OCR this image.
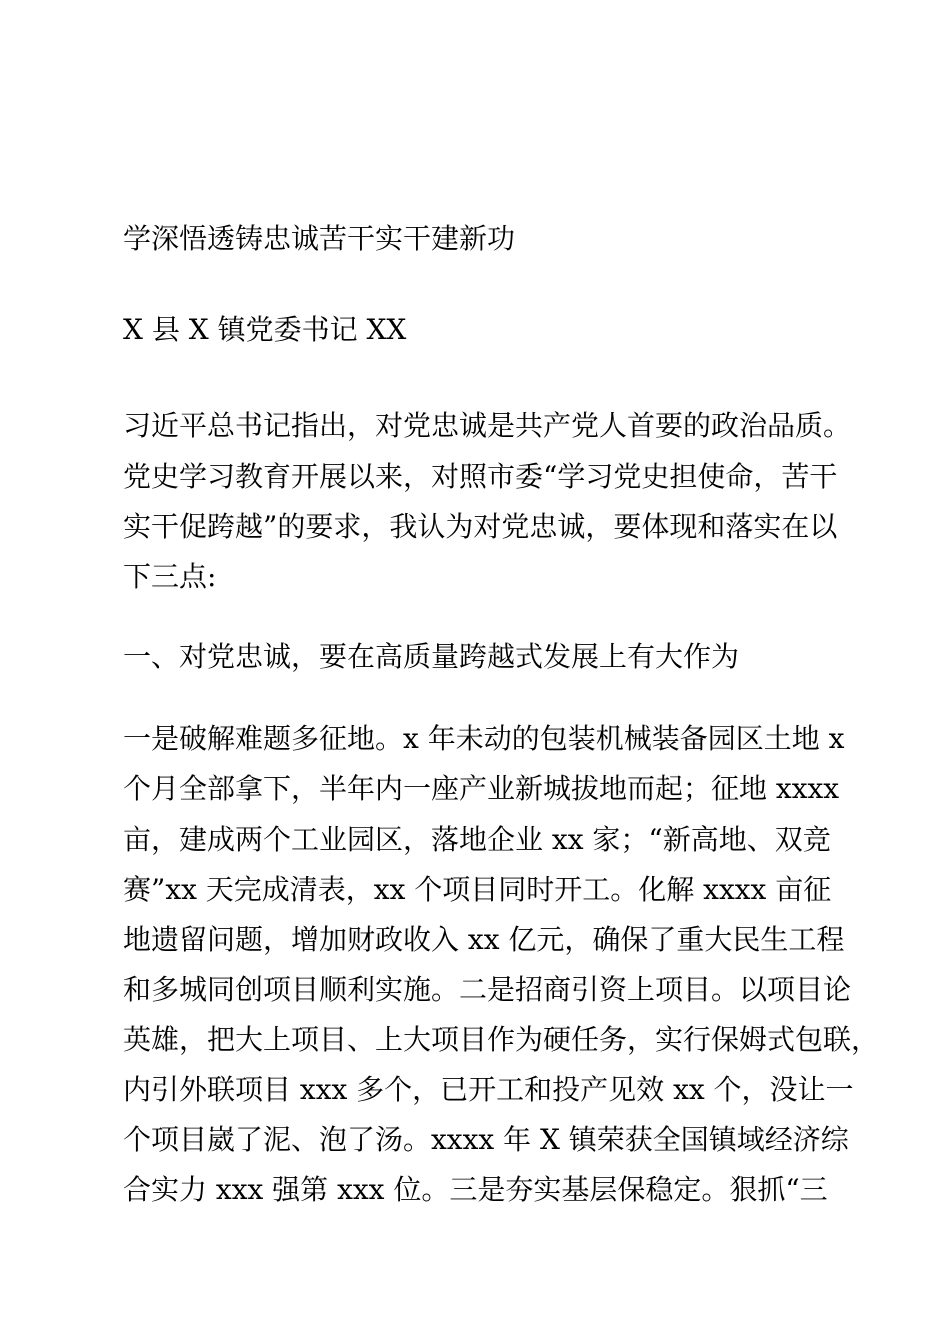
学深悟透铸忠诚苦干实干建新功
X 县 X 镇党委书记 XX
习近平总书记指出，对党忠诚是共产党人首要的政治品质。
党史学习教育开展以来，对照市委“学习党史担使命，苦干
实干促跨越”的要求，我认为对党忠诚，要体现和落实在以
下三点:
一、对党忠诚，要在高质量跨越式发展上有大作为
一是破解难题多征地。x 年未动的包装机械装备园区土地 x
个月全部拿下，半年内一座产业新城拔地而起；征地 xxxx
亩，建成两个工业园区，落地企业 xx 家；“新高地、双竞
赛”xx 天完成清表，xx 个项目同时开工。化解 xxxx 亩征
地遗留问题，增加财政收入 xx 亿元，确保了重大民生工程
和多城同创项目顺利实施。二是招商引资上项目。以项目论
英雄，把大上项目、上大项目作为硬任务，实行保姆式包联，
内引外联项目 xxx 多个，已开工和投产见效 xx 个，没让一
个项目崴了泥、泡了汤。xxxx 年 X 镇荣获全国镇域经济综
合实力 xxx 强第 xxx 位。三是夯实基层保稳定。狠抓“三
